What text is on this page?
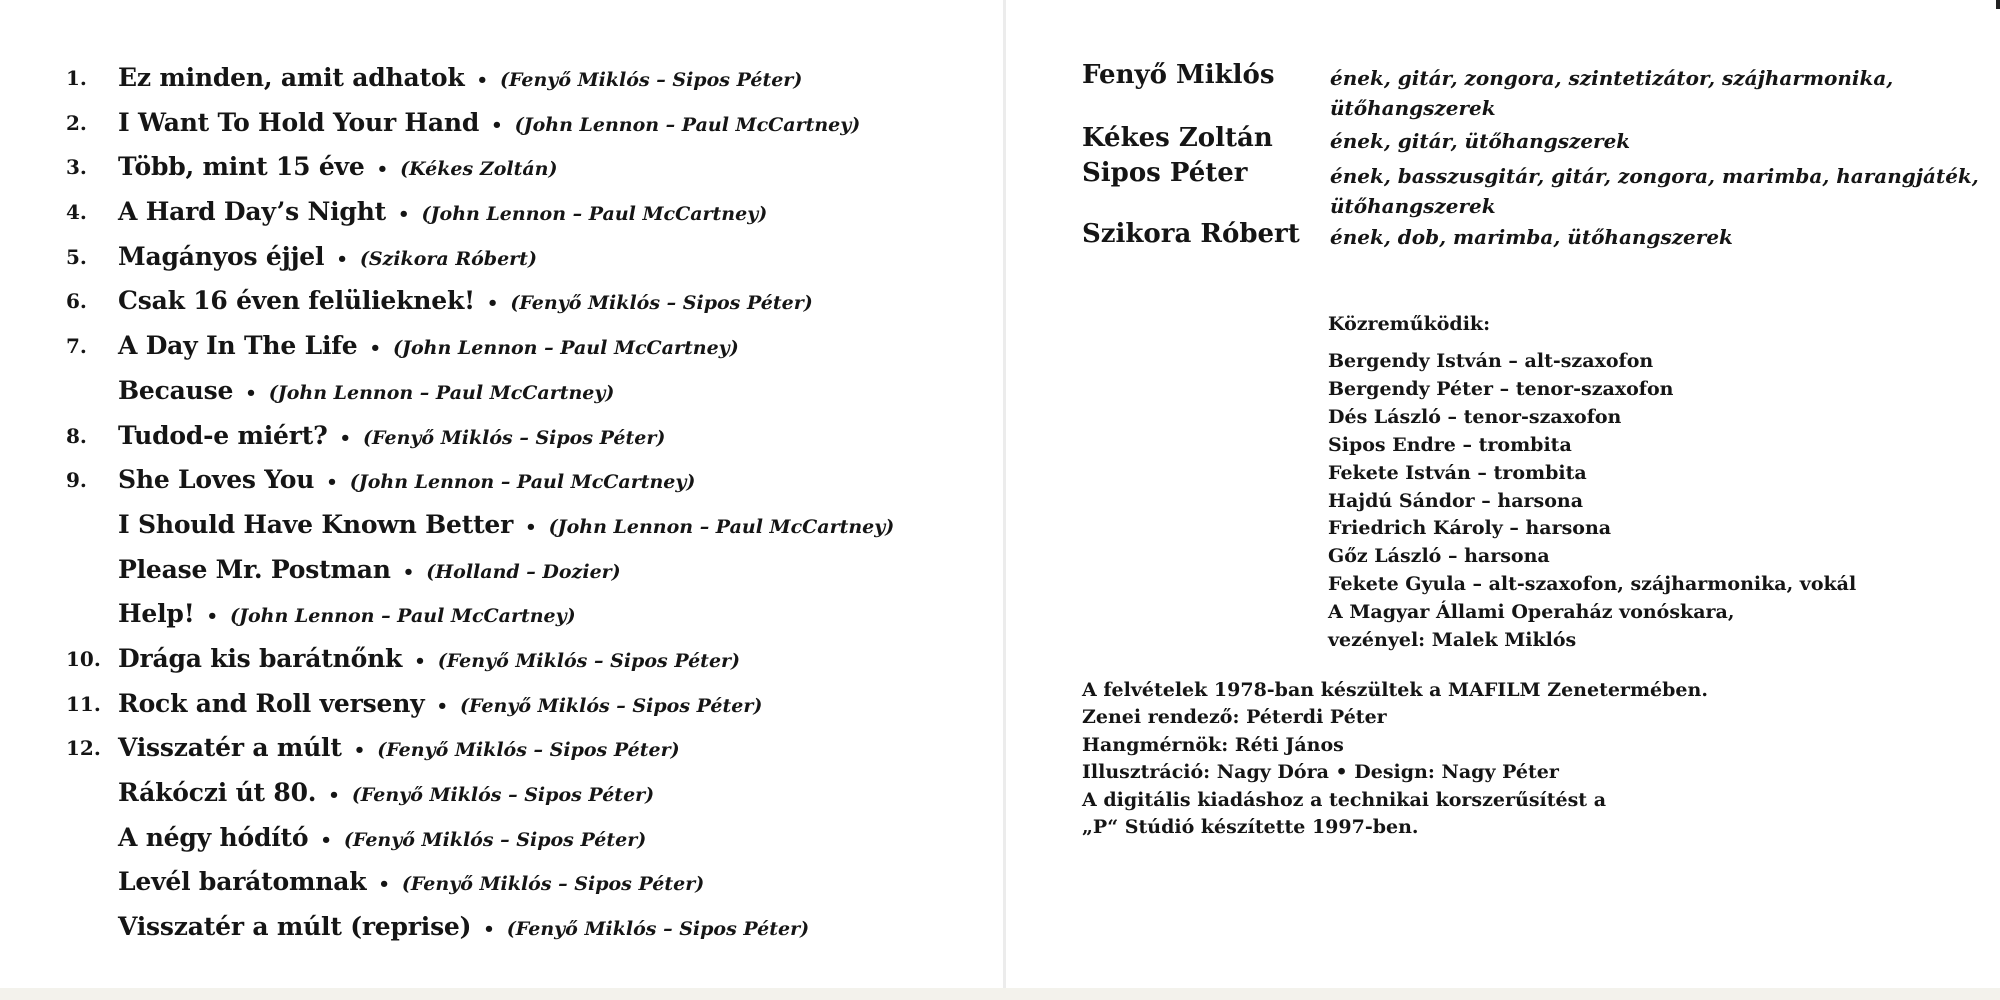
1.	Ez minden, amit adhatok • (Fenyő Miklós – Sipos Péter)
2.	I Want To Hold Your Hand • (John Lennon – Paul McCartney)
3.	Több, mint 15 éve • (Kékes Zoltán)
4.	A Hard Day’s Night • (John Lennon – Paul McCartney)
5.	Magányos éjjel • (Szikora Róbert)
6.	Csak 16 éven felülieknek! • (Fenyő Miklós – Sipos Péter)
7.	A Day In The Life • (John Lennon – Paul McCartney)
Because • (John Lennon – Paul McCartney)
8.	Tudod-e miért? • (Fenyő Miklós – Sipos Péter)
9.	She Loves You • (John Lennon – Paul McCartney)
I Should Have Known Better • (John Lennon – Paul McCartney)
Please Mr. Postman • (Holland – Dozier)
Help! • (John Lennon – Paul McCartney)
10. Drága kis barátnőnk • (Fenyő Miklós – Sipos Péter)
11. Rock and Roll verseny • (Fenyő Miklós – Sipos Péter)
12. Visszatér a múlt • (Fenyő Miklós – Sipos Péter)
Rákóczi út 80. • (Fenyő Miklós – Sipos Péter)
A négy hódító • (Fenyő Miklós – Sipos Péter)
Levél barátomnak • (Fenyő Miklós – Sipos Péter)
Visszatér a múlt (reprise) • (Fenyő Miklós – Sipos Péter)
Fenyő Miklós	ének, gitár, zongora, szintetizátor, szájharmonika, ütőhangszerek
Kékes Zoltán	ének, gitár, ütőhangszerek
Sipos Péter	ének, basszusgitár, gitár, zongora, marimba, harangjáték, ütőhangszerek
Szikora Róbert ének, dob, marimba, ütőhangszerek
Közreműködik:
Bergendy István – alt-szaxofon
Bergendy Péter – tenor-szaxofon
Dés László – tenor-szaxofon
Sipos Endre – trombita
Fekete István – trombita
Hajdú Sándor – harsona
Friedrich Károly – harsona
Gőz László – harsona
Fekete Gyula – alt-szaxofon, szájharmonika, vokál
A Magyar Állami Operaház vonóskara,
vezényel: Malek Miklós
A felvételek 1978-ban készültek a MAFILM Zenetermében.
Zenei rendező: Péterdi Péter
Hangmérnök: Réti János
Illusztráció: Nagy Dóra • Design: Nagy Péter
A digitális kiadáshoz a technikai korszerűsítést a
„P“ Stúdió készítette 1997-ben.
